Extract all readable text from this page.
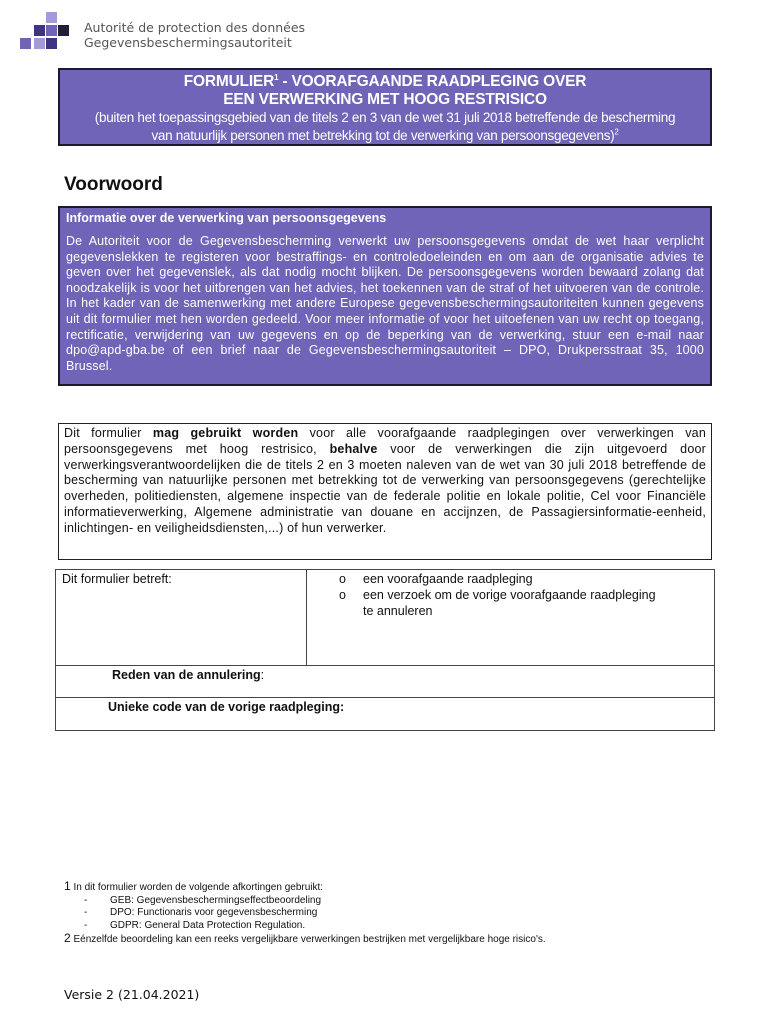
Autorité de protection des données
Gegevensbeschermingsautoriteit
FORMULIER$^1$ - VOORAFGAANDE RAADPLEGING OVER
EEN VERWERKING MET HOOG RESTRISICO
(buiten het toepassingsgebied van de titels 2 en 3 van de wet 31 juli 2018 betreffende de bescherming
van natuurlijk personen met betrekking tot de verwerking van persoonsgegevens)$^2$
Voorwoord
Informatie over de verwerking van persoonsgegevens
De Autoriteit voor de Gegevensbescherming verwerkt uw persoonsgegevens omdat de wet haar verplicht gegevenslekken te registeren voor bestraffings- en controledoeleinden en om aan de organisatie advies te geven over het gegevenslek, als dat nodig mocht blijken. De persoonsgegevens worden bewaard zolang dat noodzakelijk is voor het uitbrengen van het advies, het toekennen van de straf of het uitvoeren van de controle. In het kader van de samenwerking met andere Europese gegevensbeschermingsautoriteiten kunnen gegevens uit dit formulier met hen worden gedeeld. Voor meer informatie of voor het uitoefenen van uw recht op toegang, rectificatie, verwijdering van uw gegevens en op de beperking van de verwerking, stuur een e-mail naar dpo@apd-gba.be of een brief naar de Gegevensbeschermingsautoriteit – DPO, Drukpersstraat 35, 1000 Brussel.
Dit formulier mag gebruikt worden voor alle voorafgaande raadplegingen over verwerkingen van persoonsgegevens met hoog restrisico, behalve voor de verwerkingen die zijn uitgevoerd door verwerkingsverantwoordelijken die de titels 2 en 3 moeten naleven van de wet van 30 juli 2018 betreffende de bescherming van natuurlijke personen met betrekking tot de verwerking van persoonsgegevens (gerechtelijke overheden, politiediensten, algemene inspectie van de federale politie en lokale politie, Cel voor Financiële informatieverwerking, Algemene administratie van douane en accijnzen, de Passagiersinformatie-eenheid, inlichtingen- en veiligheidsdiensten,...) of hun verwerker.
Dit formulier betreft:	o een voorafgaande raadpleging
o een verzoek om de vorige voorafgaande raadpleging
te annuleren
Reden van de annulering:
Unieke code van de vorige raadpleging:
1 In dit formulier worden de volgende afkortingen gebruikt:
- GEB: Gegevensbeschermingseffectbeoordeling
- DPO: Functionaris voor gegevensbescherming
- GDPR: General Data Protection Regulation.
2 Eénzelfde beoordeling kan een reeks vergelijkbare verwerkingen bestrijken met vergelijkbare hoge risico's.
Versie 2 (21.04.2021)
